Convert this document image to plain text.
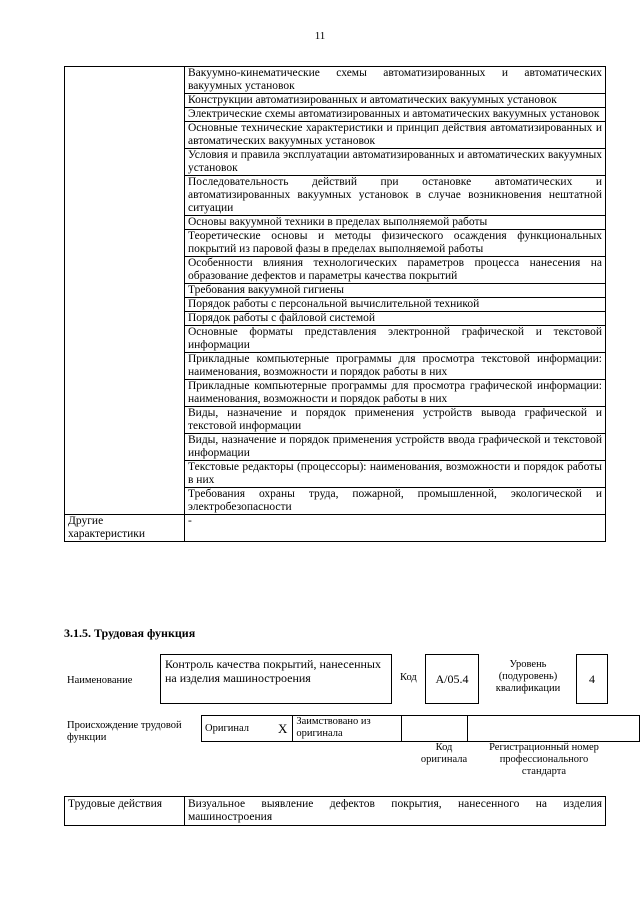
11
	Вакуумно-кинематические схемы автоматизированных и автоматических вакуумных установок
	Конструкции автоматизированных и автоматических вакуумных установок
	Электрические схемы автоматизированных и автоматических вакуумных установок
	Основные технические характеристики и принцип действия автоматизированных и автоматических вакуумных установок
	Условия и правила эксплуатации автоматизированных и автоматических вакуумных установок
	Последовательность действий при остановке автоматических и автоматизированных вакуумных установок в случае возникновения нештатной ситуации
	Основы вакуумной техники в пределах выполняемой работы
	Теоретические основы и методы физического осаждения функциональных покрытий из паровой фазы в пределах выполняемой работы
	Особенности влияния технологических параметров процесса нанесения на образование дефектов и параметры качества покрытий
	Требования вакуумной гигиены
	Порядок работы с персональной вычислительной техникой
	Порядок работы с файловой системой
	Основные форматы представления электронной графической и текстовой информации
	Прикладные компьютерные программы для просмотра текстовой информации: наименования, возможности и порядок работы в них
	Прикладные компьютерные программы для просмотра графической информации: наименования, возможности и порядок работы в них
	Виды, назначение и порядок применения устройств вывода графической и текстовой информации
	Виды, назначение и порядок применения устройств ввода графической и текстовой информации
	Текстовые редакторы (процессоры): наименования, возможности и порядок работы в них
	Требования охраны труда, пожарной, промышленной, экологической и электробезопасности
Другие характеристики	-
3.1.5. Трудовая функция
Наименование
Контроль качества покрытий, нанесенных на изделия машиностроения	Код A/05.4
Уровень (подуровень) квалификации
4
Происхождение трудовой функции
Оригинал	X	Заимствовано из оригинала		
Код оригинала
Регистрационный номер профессионального стандарта
Трудовые действия	Визуальное выявление дефектов покрытия, нанесенного на изделия машиностроения
